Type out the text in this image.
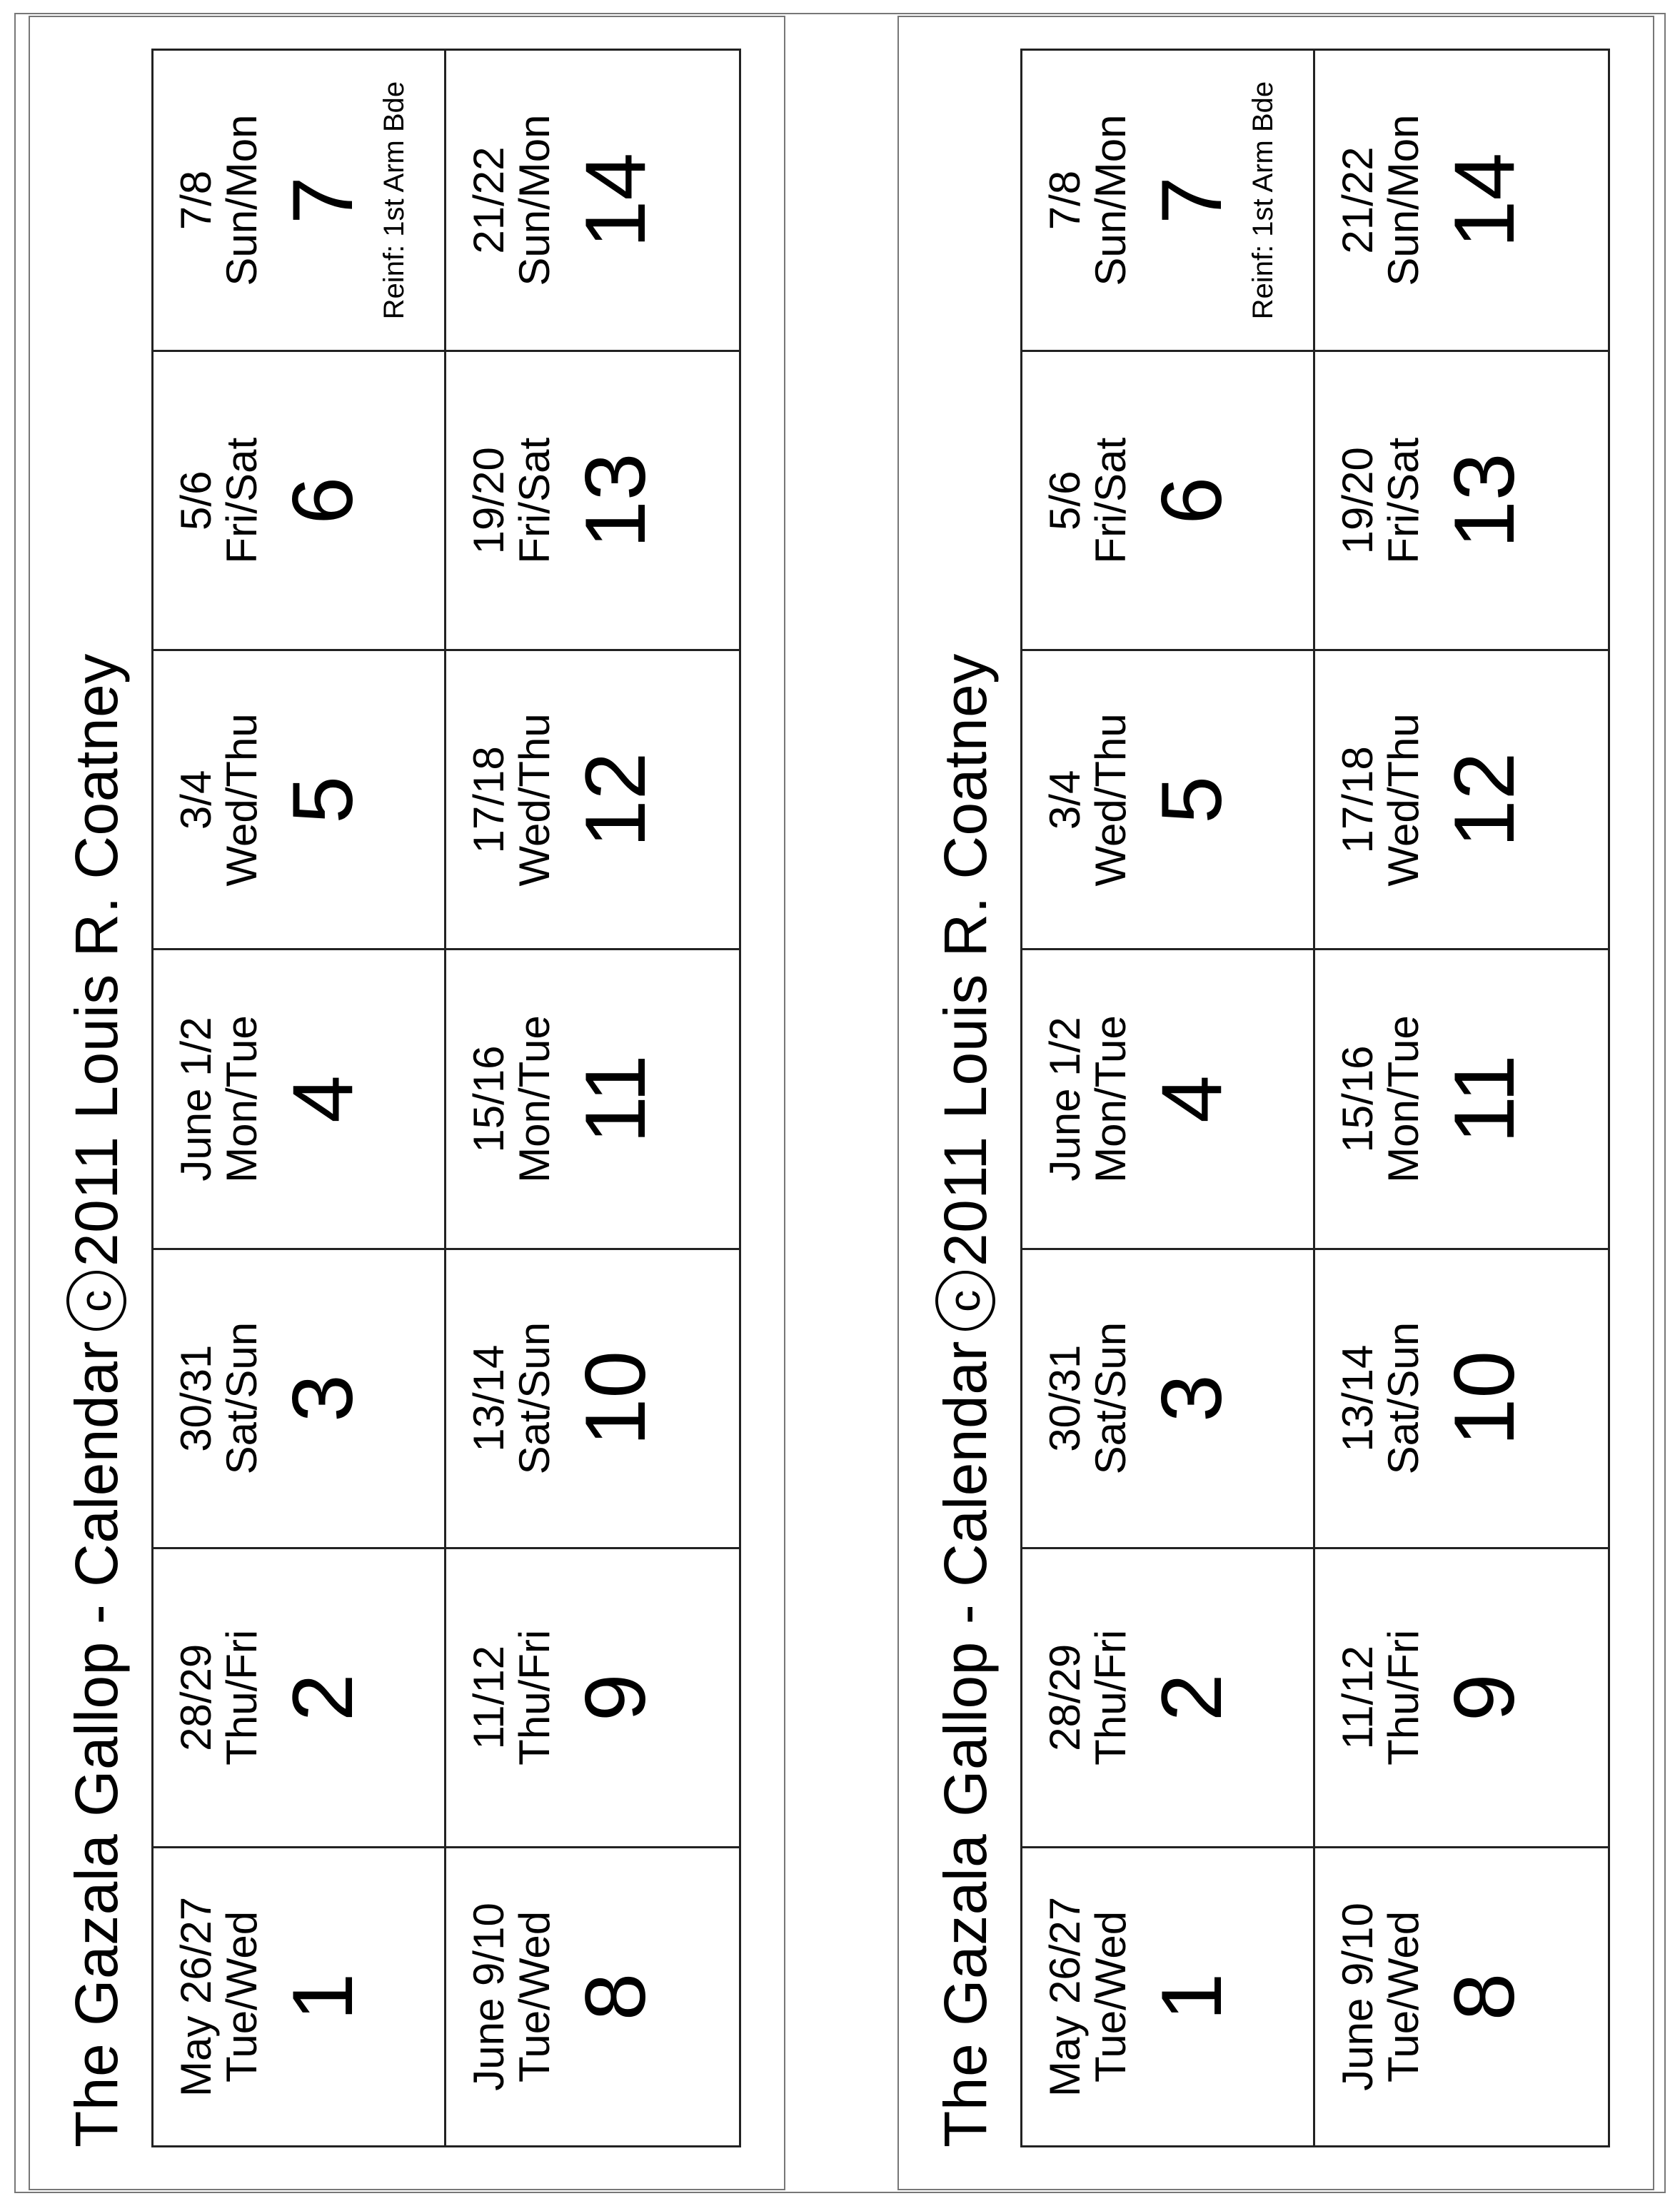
The Gazala Gallop - Calendar
c
2011 Louis R. Coatney
May 26/27
Tue/Wed 1
28/29
Thu/Fri 2
30/31
Sat/Sun 3
June 1/2
Mon/Tue 4
3/4
Wed/Thu 5
5/6
Fri/Sat 6
7/8
Sun/Mon 7 Reinf: 1st Arm Bde
June 9/10
Tue/Wed 8
11/12
Thu/Fri 9
13/14
Sat/Sun 10
15/16
Mon/Tue 11
17/18
Wed/Thu 12
19/20
Fri/Sat 13
21/22
Sun/Mon 14
The Gazala Gallop - Calendar
c
2011 Louis R. Coatney
May 26/27
Tue/Wed 1
28/29
Thu/Fri 2
30/31
Sat/Sun 3
June 1/2
Mon/Tue 4
3/4
Wed/Thu 5
5/6
Fri/Sat 6
7/8
Sun/Mon 7 Reinf: 1st Arm Bde
June 9/10
Tue/Wed 8
11/12
Thu/Fri 9
13/14
Sat/Sun 10
15/16
Mon/Tue 11
17/18
Wed/Thu 12
19/20
Fri/Sat 13
21/22
Sun/Mon 14
